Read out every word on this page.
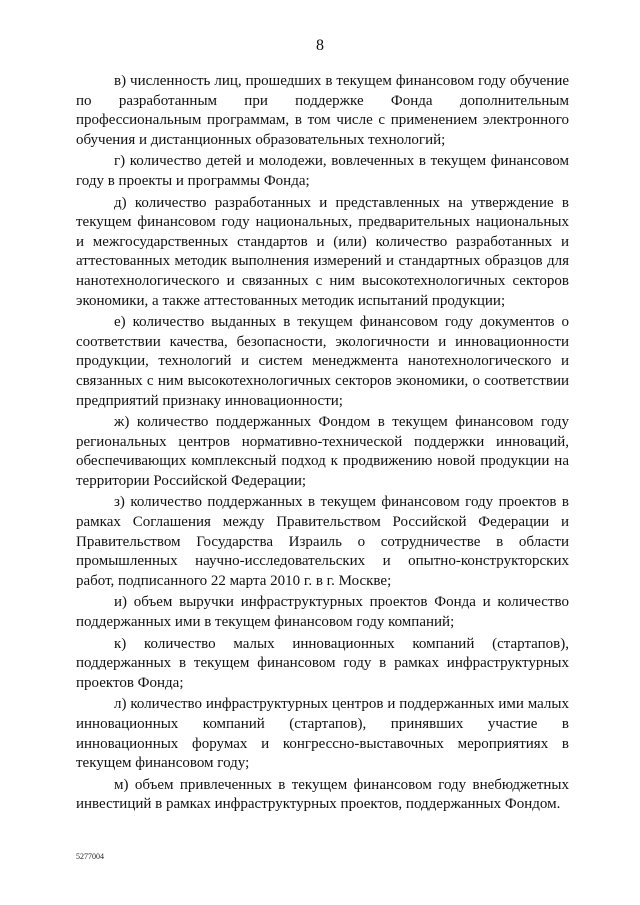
8

в) численность лиц, прошедших в текущем финансовом году обучение по разработанным при поддержке Фонда дополнительным профессиональным программам, в том числе с применением электронного обучения и дистанционных образовательных технологий;

г) количество детей и молодежи, вовлеченных в текущем финансовом году в проекты и программы Фонда;

д) количество разработанных и представленных на утверждение в текущем финансовом году национальных, предварительных национальных и межгосударственных стандартов и (или) количество разработанных и аттестованных методик выполнения измерений и стандартных образцов для нанотехнологического и связанных с ним высокотехнологичных секторов экономики, а также аттестованных методик испытаний продукции;

е) количество выданных в текущем финансовом году документов о соответствии качества, безопасности, экологичности и инновационности продукции, технологий и систем менеджмента нанотехнологического и связанных с ним высокотехнологичных секторов экономики, о соответствии предприятий признаку инновационности;

ж) количество поддержанных Фондом в текущем финансовом году региональных центров нормативно-технической поддержки инноваций, обеспечивающих комплексный подход к продвижению новой продукции на территории Российской Федерации;

з) количество поддержанных в текущем финансовом году проектов в рамках Соглашения между Правительством Российской Федерации и Правительством Государства Израиль о сотрудничестве в области промышленных научно-исследовательских и опытно-конструкторских работ, подписанного 22 марта 2010 г. в г. Москве;

и) объем выручки инфраструктурных проектов Фонда и количество поддержанных ими в текущем финансовом году компаний;

к) количество малых инновационных компаний (стартапов), поддержанных в текущем финансовом году в рамках инфраструктурных проектов Фонда;

л) количество инфраструктурных центров и поддержанных ими малых инновационных компаний (стартапов), принявших участие в инновационных форумах и конгрессно-выставочных мероприятиях в текущем финансовом году;

м) объем привлеченных в текущем финансовом году внебюджетных инвестиций в рамках инфраструктурных проектов, поддержанных Фондом.

5277004
